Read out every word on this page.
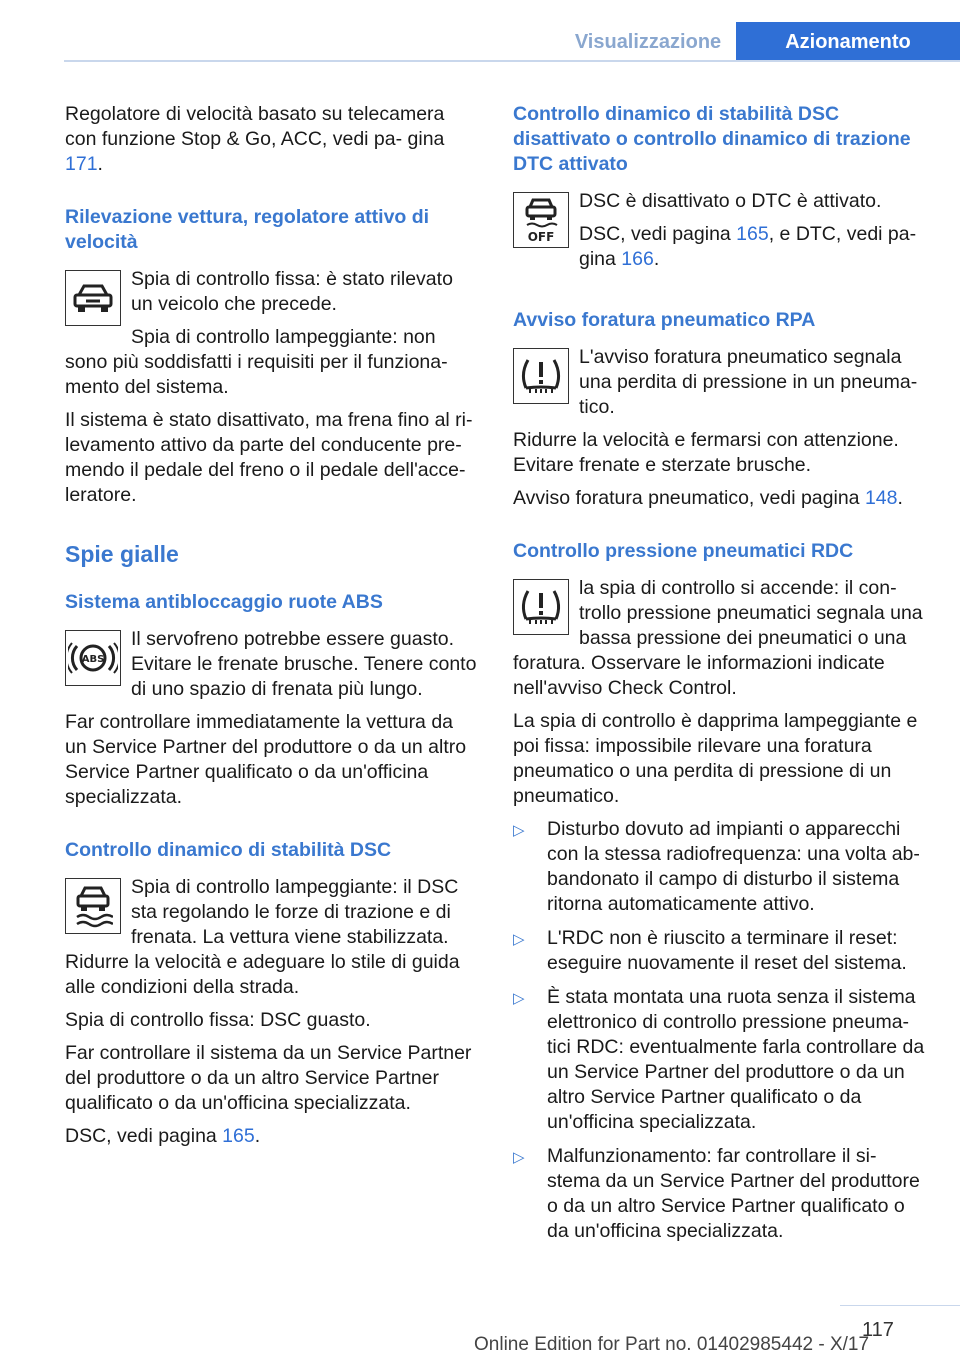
Visualizzazione	Azionamento

Regolatore di velocità basato su telecamera con funzione Stop & Go, ACC, vedi pa‐ gina 171.

Rilevazione vettura, regolatore attivo di velocità

Spia di controllo fissa: è stato rilevato un veicolo che precede.

Spia di controllo lampeggiante: non sono più soddisfatti i requisiti per il funziona‐ mento del sistema.

Il sistema è stato disattivato, ma frena fino al ri‐ levamento attivo da parte del conducente pre‐ mendo il pedale del freno o il pedale dell'acce‐ leratore.

Spie gialle
Sistema antibloccaggio ruote ABS
ABS

Il servofreno potrebbe essere guasto. Evitare le frenate brusche. Tenere conto di uno spazio di frenata più lungo.

Far controllare immediatamente la vettura da un Service Partner del produttore o da un altro Service Partner qualificato o da un'officina specializzata.

Controllo dinamico di stabilità DSC

Spia di controllo lampeggiante: il DSC sta regolando le forze di trazione e di frenata. La vettura viene stabilizzata. Ridurre la velocità e adeguare lo stile di guida alle condizioni della strada.

Spia di controllo fissa: DSC guasto.

Far controllare il sistema da un Service Partner del produttore o da un altro Service Partner qualificato o da un'officina specializzata.

DSC, vedi pagina 165.

Controllo dinamico di stabilità DSC disattivato o controllo dinamico di trazione DTC attivato
OFF

DSC è disattivato o DTC è attivato.

DSC, vedi pagina 165, e DTC, vedi pa‐ gina 166.

Avviso foratura pneumatico RPA

L'avviso foratura pneumatico segnala una perdita di pressione in un pneuma‐ tico.

Ridurre la velocità e fermarsi con attenzione. Evitare frenate e sterzate brusche.

Avviso foratura pneumatico, vedi pagina 148.

Controllo pressione pneumatici RDC

la spia di controllo si accende: il con‐ trollo pressione pneumatici segnala una bassa pressione dei pneumatici o una foratura. Osservare le informazioni indicate nell'avviso Check Control.

La spia di controllo è dapprima lampeggiante e poi fissa: impossibile rilevare una foratura pneumatico o una perdita di pressione di un pneumatico.

▷ Disturbo dovuto ad impianti o apparecchi con la stessa radiofrequenza: una volta ab‐ bandonato il campo di disturbo il sistema ritorna automaticamente attivo.
▷ L'RDC non è riuscito a terminare il reset: eseguire nuovamente il reset del sistema.
▷ È stata montata una ruota senza il sistema elettronico di controllo pressione pneuma‐ tici RDC: eventualmente farla controllare da un Service Partner del produttore o da un altro Service Partner qualificato o da un'officina specializzata.
▷ Malfunzionamento: far controllare il si‐ stema da un Service Partner del produttore o da un altro Service Partner qualificato o da un'officina specializzata.
117
Online Edition for Part no. 01402985442 - X/17
